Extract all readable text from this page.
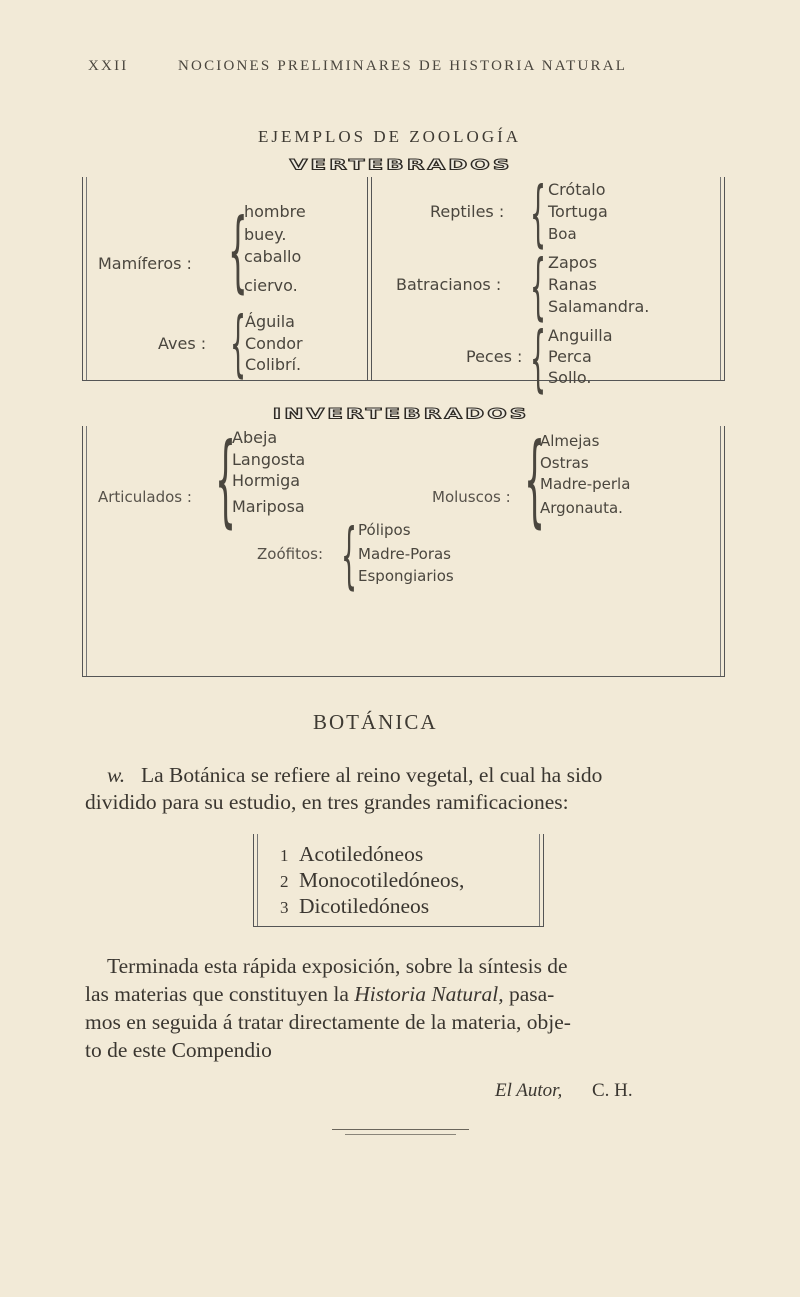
XXII	NOCIONES PRELIMINARES DE HISTORIA NATURAL
EJEMPLOS DE ZOOLOGÍA
VERTEBRADOS
Mamíferos : {
hombre
buey.
caballo
ciervo.
Aves : {
Águila
Condor
Colibrí.
Reptiles : { Crótalo
Tortuga
Boa
Batracianos : { Zapos
Ranas
Salamandra.
Peces : { Anguilla
Perca
Sollo.
INVERTEBRADOS
Articulados : {
Abeja
Langosta
Hormiga
Mariposa	Moluscos : {
Almejas
Ostras
Madre-perla
Argonauta.
Zoófitos: { Pólipos
Madre-Poras
Espongiarios
BOTÁNICA
w. La Botánica se refiere al reino vegetal, el cual ha sido
dividido para su estudio, en tres grandes ramificaciones:
1 Acotiledóneos
2 Monocotiledóneos,
3 Dicotiledóneos
Terminada esta rápida exposición, sobre la síntesis de
las materias que constituyen la Historia Natural, pasa-
mos en seguida á tratar directamente de la materia, obje-
to de este Compendio
El Autor, C. H.
